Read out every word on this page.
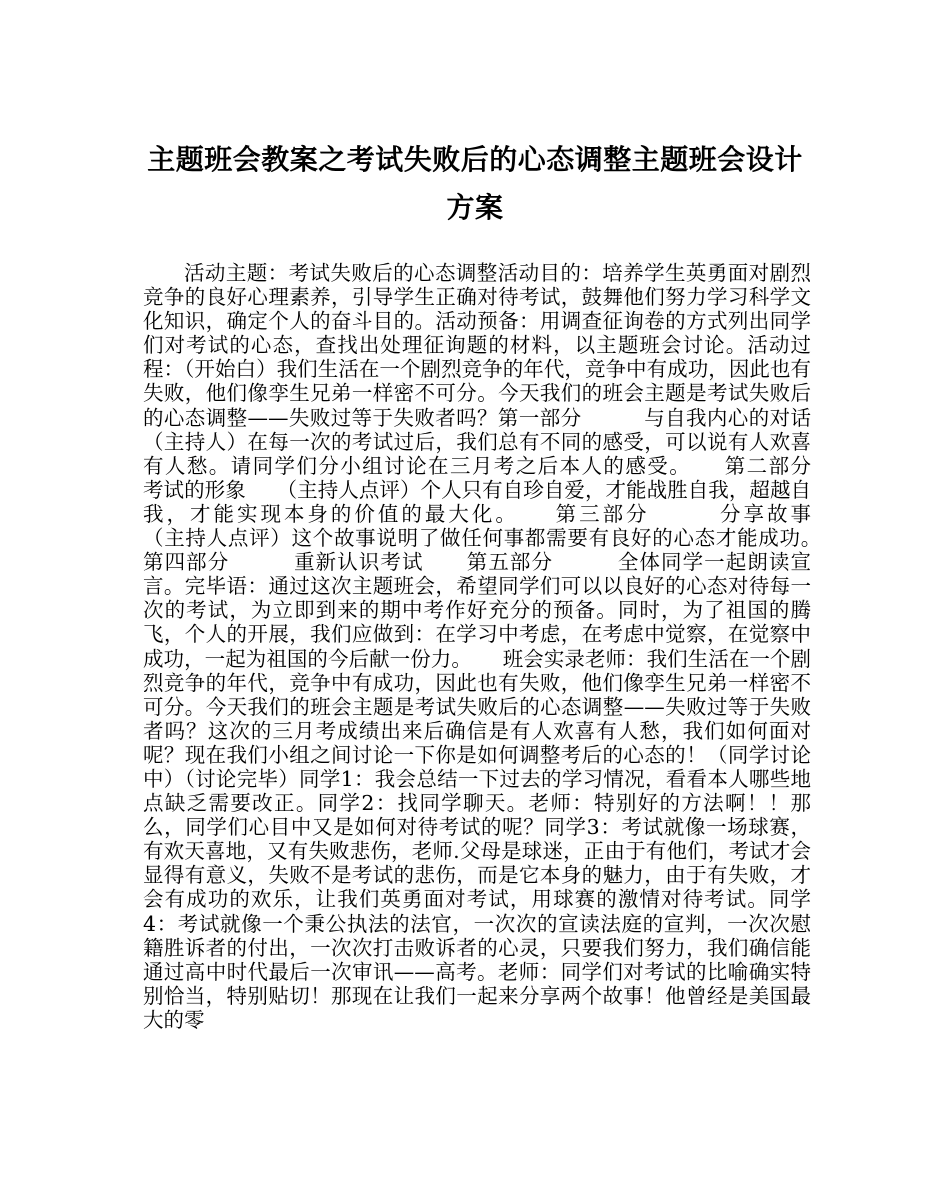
主题班会教案之考试失败后的心态调整主题班会设计方案

活动主题：考试失败后的心态调整活动目的：培养学生英勇面对剧烈竞争的良好心理素养，引导学生正确对待考试，鼓舞他们努力学习科学文化知识，确定个人的奋斗目的。活动预备：用调查征询卷的方式列出同学们对考试的心态，查找出处理征询题的材料，以主题班会讨论。活动过程：（开始白）我们生活在一个剧烈竞争的年代，竞争中有成功，因此也有失败，他们像孪生兄弟一样密不可分。今天我们的班会主题是考试失败后的心态调整——失败过等于失败者吗？第一部分　　　与自我内心的对话　　　（主持人）在每一次的考试过后，我们总有不同的感受，可以说有人欢喜有人愁。请同学们分小组讨论在三月考之后本人的感受。　　第二部分　　　考试的形象　　（主持人点评）个人只有自珍自爱，才能战胜自我，超越自我，才能实现本身的价值的最大化。　　第三部分　　　分享故事　　　　（主持人点评）这个故事说明了做任何事都需要有良好的心态才能成功。　　第四部分　　　重新认识考试　　第五部分　　　全体同学一起朗读宣言。完毕语：通过这次主题班会，希望同学们可以以良好的心态对待每一次的考试，为立即到来的期中考作好充分的预备。同时，为了祖国的腾飞，个人的开展，我们应做到：在学习中考虑，在考虑中觉察，在觉察中成功，一起为祖国的今后献一份力。　　班会实录老师：我们生活在一个剧烈竞争的年代，竞争中有成功，因此也有失败，他们像孪生兄弟一样密不可分。今天我们的班会主题是考试失败后的心态调整——失败过等于失败者吗？这次的三月考成绩出来后确信是有人欢喜有人愁，我们如何面对呢？现在我们小组之间讨论一下你是如何调整考后的心态的！（同学讨论中）（讨论完毕）同学1：我会总结一下过去的学习情况，看看本人哪些地点缺乏需要改正。同学2：找同学聊天。老师：特别好的方法啊！！那么，同学们心目中又是如何对待考试的呢？同学3：考试就像一场球赛，有欢天喜地，又有失败悲伤，老师.父母是球迷，正由于有他们，考试才会显得有意义，失败不是考试的悲伤，而是它本身的魅力，由于有失败，才会有成功的欢乐，让我们英勇面对考试，用球赛的激情对待考试。同学4：考试就像一个秉公执法的法官，一次次的宣读法庭的宣判，一次次慰籍胜诉者的付出，一次次打击败诉者的心灵，只要我们努力，我们确信能通过高中时代最后一次审讯——高考。老师：同学们对考试的比喻确实特别恰当，特别贴切！那现在让我们一起来分享两个故事！他曾经是美国最大的零
